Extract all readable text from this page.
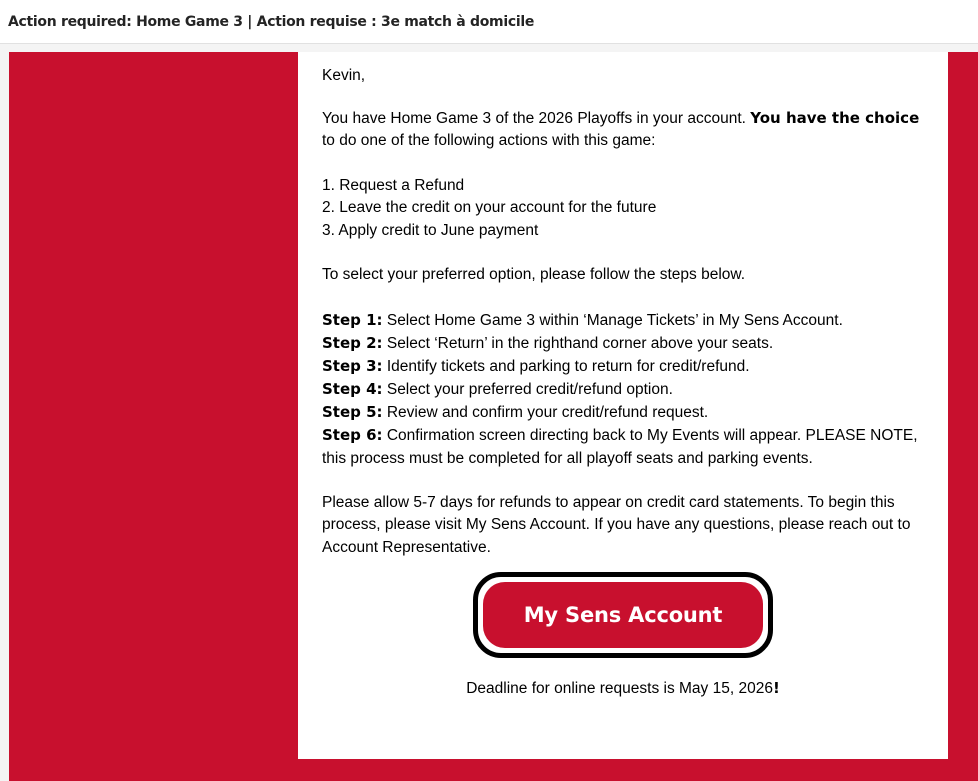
Action required: Home Game 3 | Action requise : 3e match à domicile

Kevin,

You have Home Game 3 of the 2026 Playoffs in your account. You have the choice to do one of the following actions with this game:

1. Request a Refund

2. Leave the credit on your account for the future

3. Apply credit to June payment

To select your preferred option, please follow the steps below.

Step 1: Select Home Game 3 within ‘Manage Tickets’ in My Sens Account.

Step 2: Select ‘Return’ in the righthand corner above your seats.

Step 3: Identify tickets and parking to return for credit/refund.

Step 4: Select your preferred credit/refund option.

Step 5: Review and confirm your credit/refund request.

Step 6: Confirmation screen directing back to My Events will appear. PLEASE NOTE, this process must be completed for all playoff seats and parking events.

Please allow 5-7 days for refunds to appear on credit card statements. To begin this process, please visit My Sens Account. If you have any questions, please reach out to Account Representative.

My Sens Account

Deadline for online requests is May 15, 2026!
